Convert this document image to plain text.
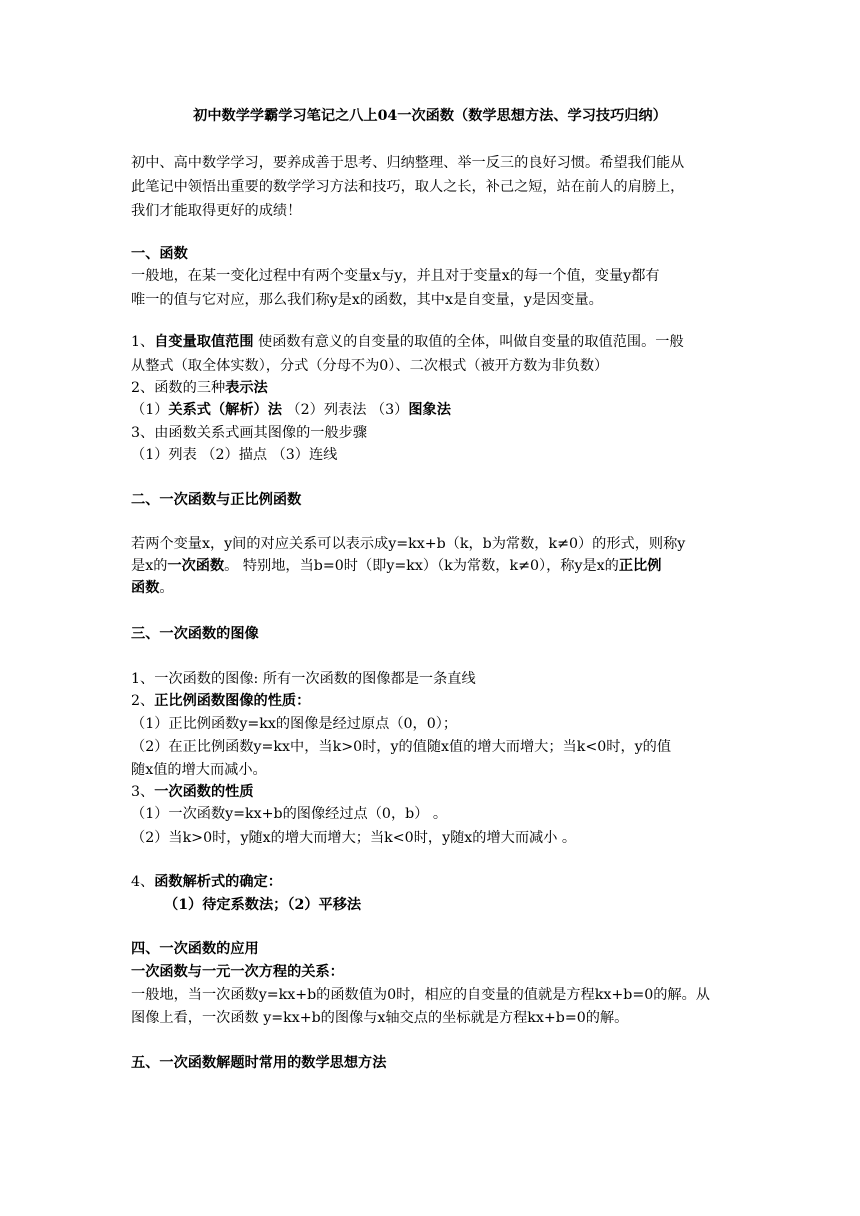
初中数学学霸学习笔记之八上04一次函数（数学思想方法、学习技巧归纳）
初中、高中数学学习，要养成善于思考、归纳整理、举一反三的良好习惯。希望我们能从
此笔记中领悟出重要的数学学习方法和技巧，取人之长，补己之短，站在前人的肩膀上，
我们才能取得更好的成绩！
一、函数
一般地，在某一变化过程中有两个变量x与y，并且对于变量x的每一个值，变量y都有
唯一的值与它对应，那么我们称y是x的函数，其中x是自变量，y是因变量。
1、自变量取值范围 使函数有意义的自变量的取值的全体，叫做自变量的取值范围。一般
从整式（取全体实数），分式（分母不为0）、二次根式（被开方数为非负数）
2、函数的三种表示法
（1）关系式（解析）法 （2）列表法 （3）图象法
3、由函数关系式画其图像的一般步骤
（1）列表 （2）描点 （3）连线
二、一次函数与正比例函数
若两个变量x，y间的对应关系可以表示成y=kx+b（k，b为常数，k≠0）的形式，则称y
是x的一次函数。 特别地，当b=0时（即y=kx）（k为常数，k≠0），称y是x的正比例
函数。
三、一次函数的图像
1、一次函数的图像: 所有一次函数的图像都是一条直线
2、正比例函数图像的性质：
（1）正比例函数y=kx的图像是经过原点（0，0）；
（2）在正比例函数y=kx中，当k>0时，y的值随x值的增大而增大；当k<0时，y的值
随x值的增大而减小。
3、一次函数的性质
（1）一次函数y=kx+b的图像经过点（0，b） 。
（2）当k>0时，y随x的增大而增大；当k<0时，y随x的增大而减小 。
4、函数解析式的确定：
（1）待定系数法；（2）平移法
四、一次函数的应用
一次函数与一元一次方程的关系：
一般地，当一次函数y=kx+b的函数值为0时，相应的自变量的值就是方程kx+b=0的解。从
图像上看，一次函数 y=kx+b的图像与x轴交点的坐标就是方程kx+b=0的解。
五、一次函数解题时常用的数学思想方法
